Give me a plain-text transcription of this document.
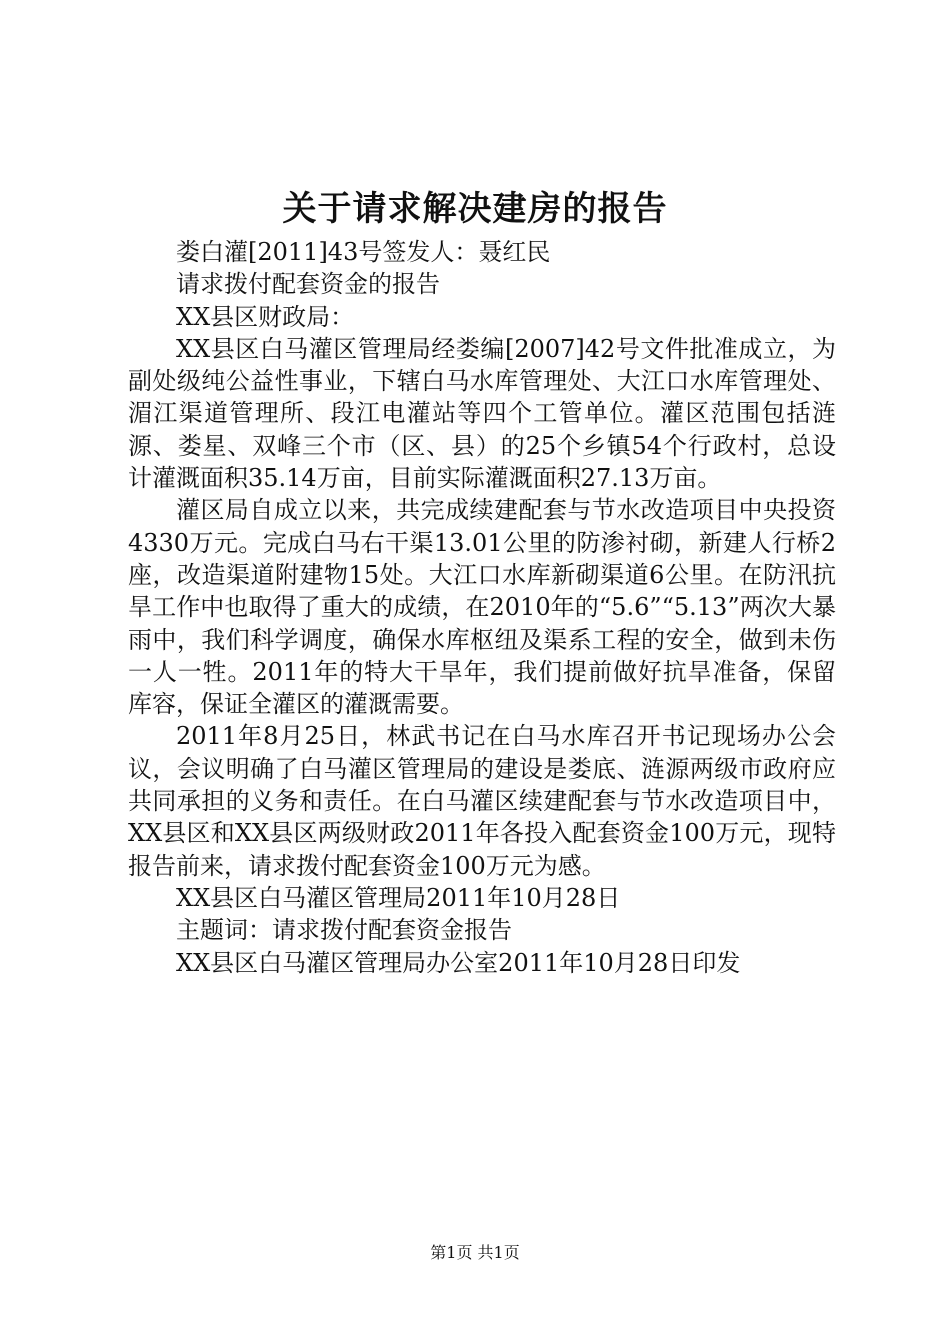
关于请求解决建房的报告

娄白灌[2011]43号签发人：聂红民

请求拨付配套资金的报告

XX县区财政局：

XX县区白马灌区管理局经娄编[2007]42号文件批准成立，为副处级纯公益性事业，下辖白马水库管理处、大江口水库管理处、湄江渠道管理所、段江电灌站等四个工管单位。灌区范围包括涟源、娄星、双峰三个市（区、县）的25个乡镇54个行政村，总设计灌溉面积35.14万亩，目前实际灌溉面积27.13万亩。

灌区局自成立以来，共完成续建配套与节水改造项目中央投资4330万元。完成白马右干渠13.01公里的防渗衬砌，新建人行桥2座，改造渠道附建物15处。大江口水库新砌渠道6公里。在防汛抗旱工作中也取得了重大的成绩，在2010年的“5.6”“5.13”两次大暴雨中，我们科学调度，确保水库枢纽及渠系工程的安全，做到未伤一人一牲。2011年的特大干旱年，我们提前做好抗旱准备，保留库容，保证全灌区的灌溉需要。

2011年8月25日，林武书记在白马水库召开书记现场办公会议，会议明确了白马灌区管理局的建设是娄底、涟源两级市政府应共同承担的义务和责任。在白马灌区续建配套与节水改造项目中，XX县区和XX县区两级财政2011年各投入配套资金100万元，现特报告前来，请求拨付配套资金100万元为感。

XX县区白马灌区管理局2011年10月28日

主题词：请求拨付配套资金报告

XX县区白马灌区管理局办公室2011年10月28日印发

第1页 共1页
